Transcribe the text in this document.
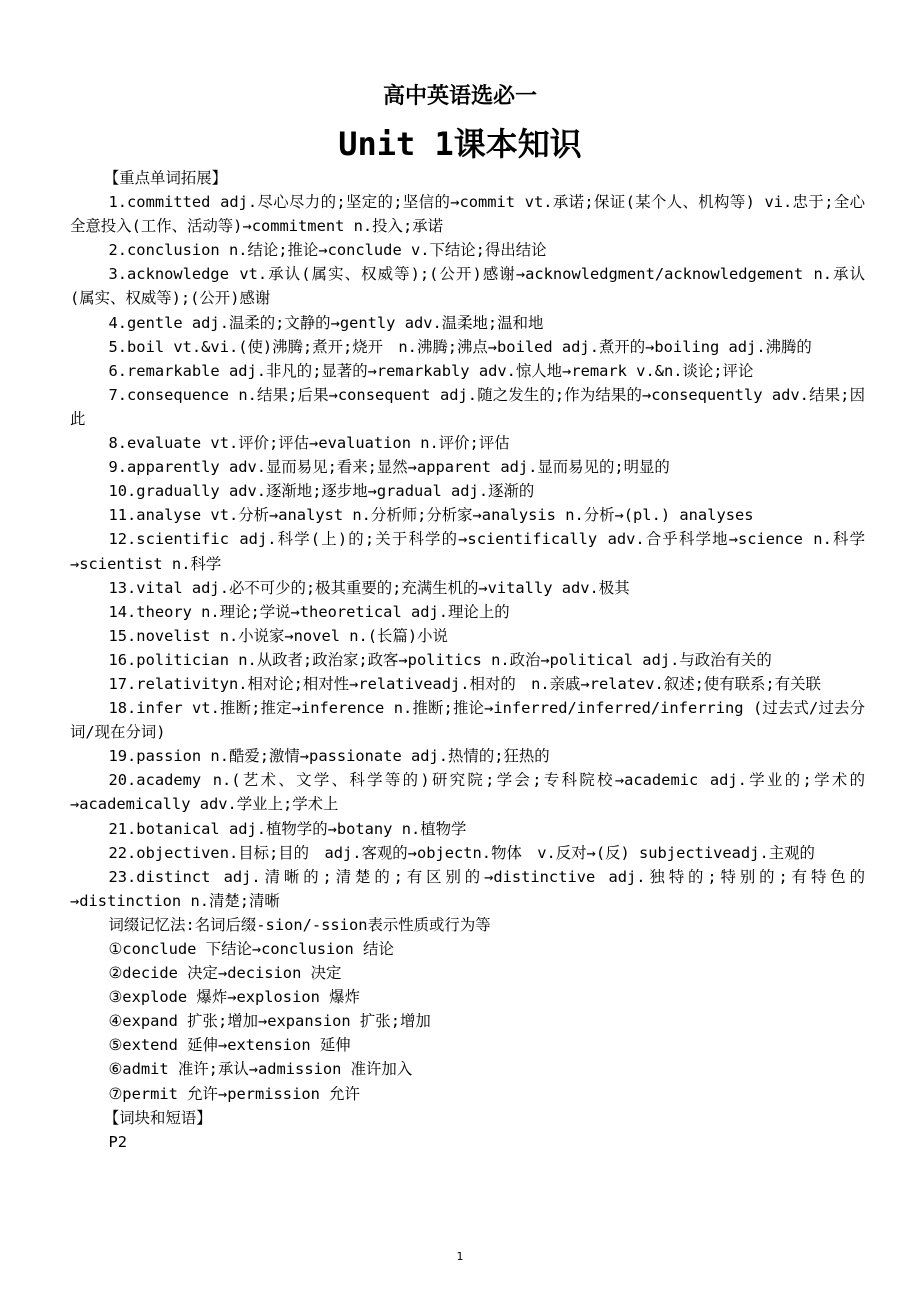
高中英语选必一
Unit 1课本知识

【重点单词拓展】

1.committed adj.尽心尽力的;坚定的;坚信的→commit vt.承诺;保证(某个人、机构等) vi.忠于;全心全意投入(工作、活动等)→commitment n.投入;承诺

2.conclusion n.结论;推论→conclude v.下结论;得出结论

3.acknowledge vt.承认(属实、权威等);(公开)感谢→acknowledgment/acknowledgement n.承认(属实、权威等);(公开)感谢

4.gentle adj.温柔的;文静的→gently adv.温柔地;温和地

5.boil vt.&vi.(使)沸腾;煮开;烧开　n.沸腾;沸点→boiled adj.煮开的→boiling adj.沸腾的

6.remarkable adj.非凡的;显著的→remarkably adv.惊人地→remark v.&n.谈论;评论

7.consequence n.结果;后果→consequent adj.随之发生的;作为结果的→consequently adv.结果;因此

8.evaluate vt.评价;评估→evaluation n.评价;评估

9.apparently adv.显而易见;看来;显然→apparent adj.显而易见的;明显的

10.gradually adv.逐渐地;逐步地→gradual adj.逐渐的

11.analyse vt.分析→analyst n.分析师;分析家→analysis n.分析→(pl.) analyses

12.scientific adj.科学(上)的;关于科学的→scientifically adv.合乎科学地→science n.科学→scientist n.科学

13.vital adj.必不可少的;极其重要的;充满生机的→vitally adv.极其

14.theory n.理论;学说→theoretical adj.理论上的

15.novelist n.小说家→novel n.(长篇)小说

16.politician n.从政者;政治家;政客→politics n.政治→political adj.与政治有关的

17.relativityn.相对论;相对性→relativeadj.相对的　n.亲戚→relatev.叙述;使有联系;有关联

18.infer vt.推断;推定→inference n.推断;推论→inferred/inferred/inferring (过去式/过去分词/现在分词)

19.passion n.酷爱;激情→passionate adj.热情的;狂热的

20.academy n.(艺术、文学、科学等的)研究院;学会;专科院校→academic adj.学业的;学术的→academically adv.学业上;学术上

21.botanical adj.植物学的→botany n.植物学

22.objectiven.目标;目的　adj.客观的→objectn.物体　v.反对→(反) subjectiveadj.主观的

23.distinct adj.清晰的;清楚的;有区别的→distinctive adj.独特的;特别的;有特色的→distinction n.清楚;清晰

词缀记忆法:名词后缀-sion/-ssion表示性质或行为等

①conclude 下结论→conclusion 结论

②decide 决定→decision 决定

③explode 爆炸→explosion 爆炸

④expand 扩张;增加→expansion 扩张;增加

⑤extend 延伸→extension 延伸

⑥admit 准许;承认→admission 准许加入

⑦permit 允许→permission 允许

【词块和短语】

P2

1
